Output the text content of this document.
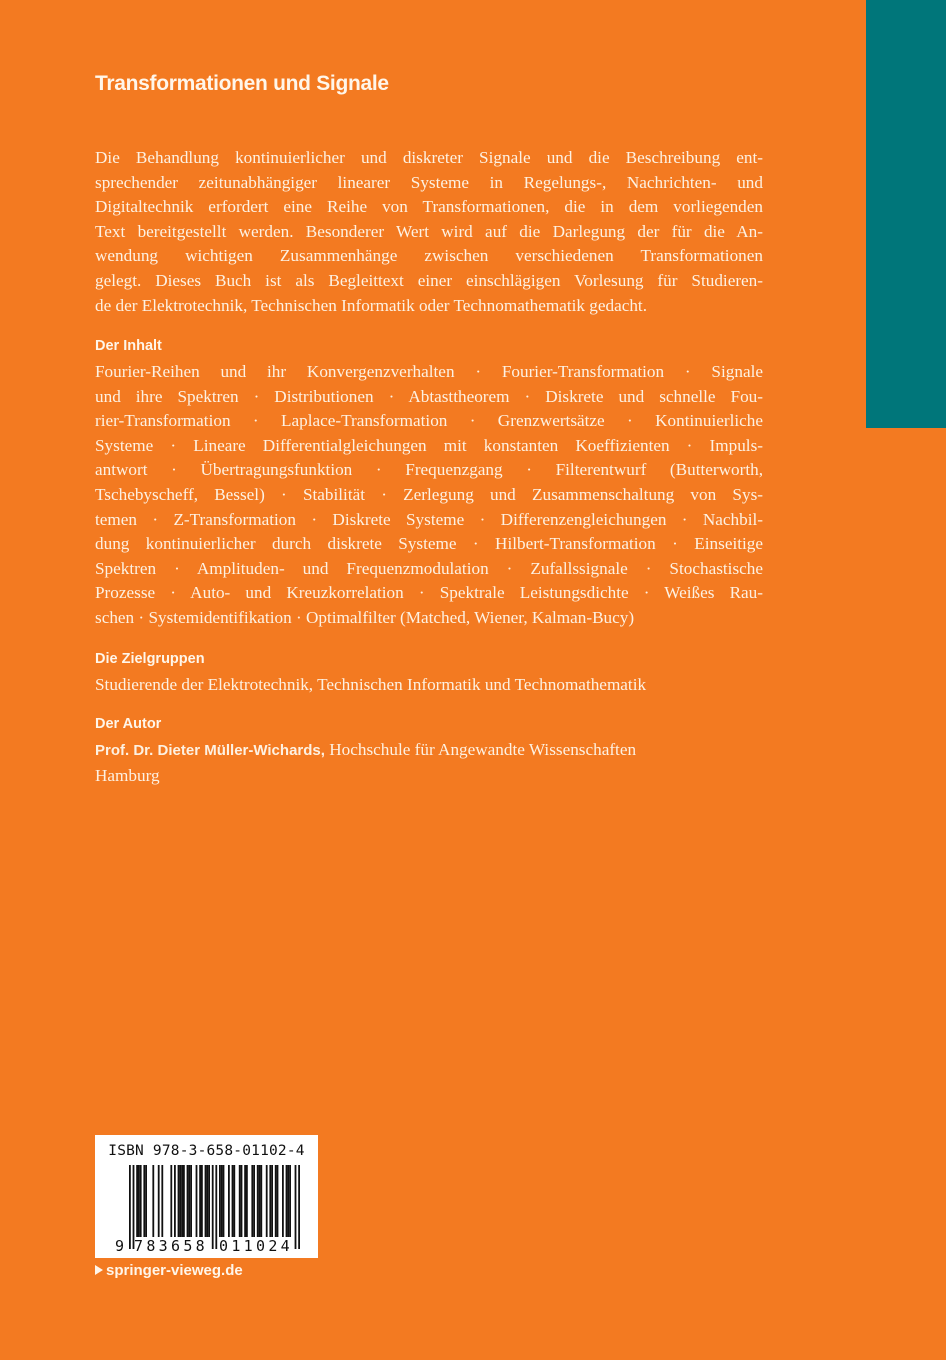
Transformationen und Signale
Die Behandlung kontinuierlicher und diskreter Signale und die Beschreibung ent-
sprechender zeitunabhängiger linearer Systeme in Regelungs-, Nachrichten- und
Digitaltechnik erfordert eine Reihe von Transformationen, die in dem vorliegenden
Text bereitgestellt werden. Besonderer Wert wird auf die Darlegung der für die An-
wendung wichtigen Zusammenhänge zwischen verschiedenen Transformationen
gelegt. Dieses Buch ist als Begleittext einer einschlägigen Vorlesung für Studieren-
de der Elektrotechnik, Technischen Informatik oder Technomathematik gedacht.
Der Inhalt
Fourier-Reihen und ihr Konvergenzverhalten · Fourier-Transformation · Signale
und ihre Spektren · Distributionen · Abtasttheorem · Diskrete und schnelle Fou-
rier-Transformation · Laplace-Transformation · Grenzwertsätze · Kontinuierliche
Systeme · Lineare Differentialgleichungen mit konstanten Koeffizienten · Impuls-
antwort · Übertragungsfunktion · Frequenzgang · Filterentwurf (Butterworth,
Tschebyscheff, Bessel) · Stabilität · Zerlegung und Zusammenschaltung von Sys-
temen · Z-Transformation · Diskrete Systeme · Differenzengleichungen · Nachbil-
dung kontinuierlicher durch diskrete Systeme · Hilbert-Transformation · Einseitige
Spektren · Amplituden- und Frequenzmodulation · Zufallssignale · Stochastische
Prozesse · Auto- und Kreuzkorrelation · Spektrale Leistungsdichte · Weißes Rau-
schen · Systemidentifikation · Optimalfilter (Matched, Wiener, Kalman-Bucy)
Die Zielgruppen
Studierende der Elektrotechnik, Technischen Informatik und Technomathematik
Der Autor
Prof. Dr. Dieter Müller-Wichards, Hochschule für Angewandte Wissenschaften
Hamburg
ISBN 978-3-658-01102-4
9 783658 011024
springer-vieweg.de
